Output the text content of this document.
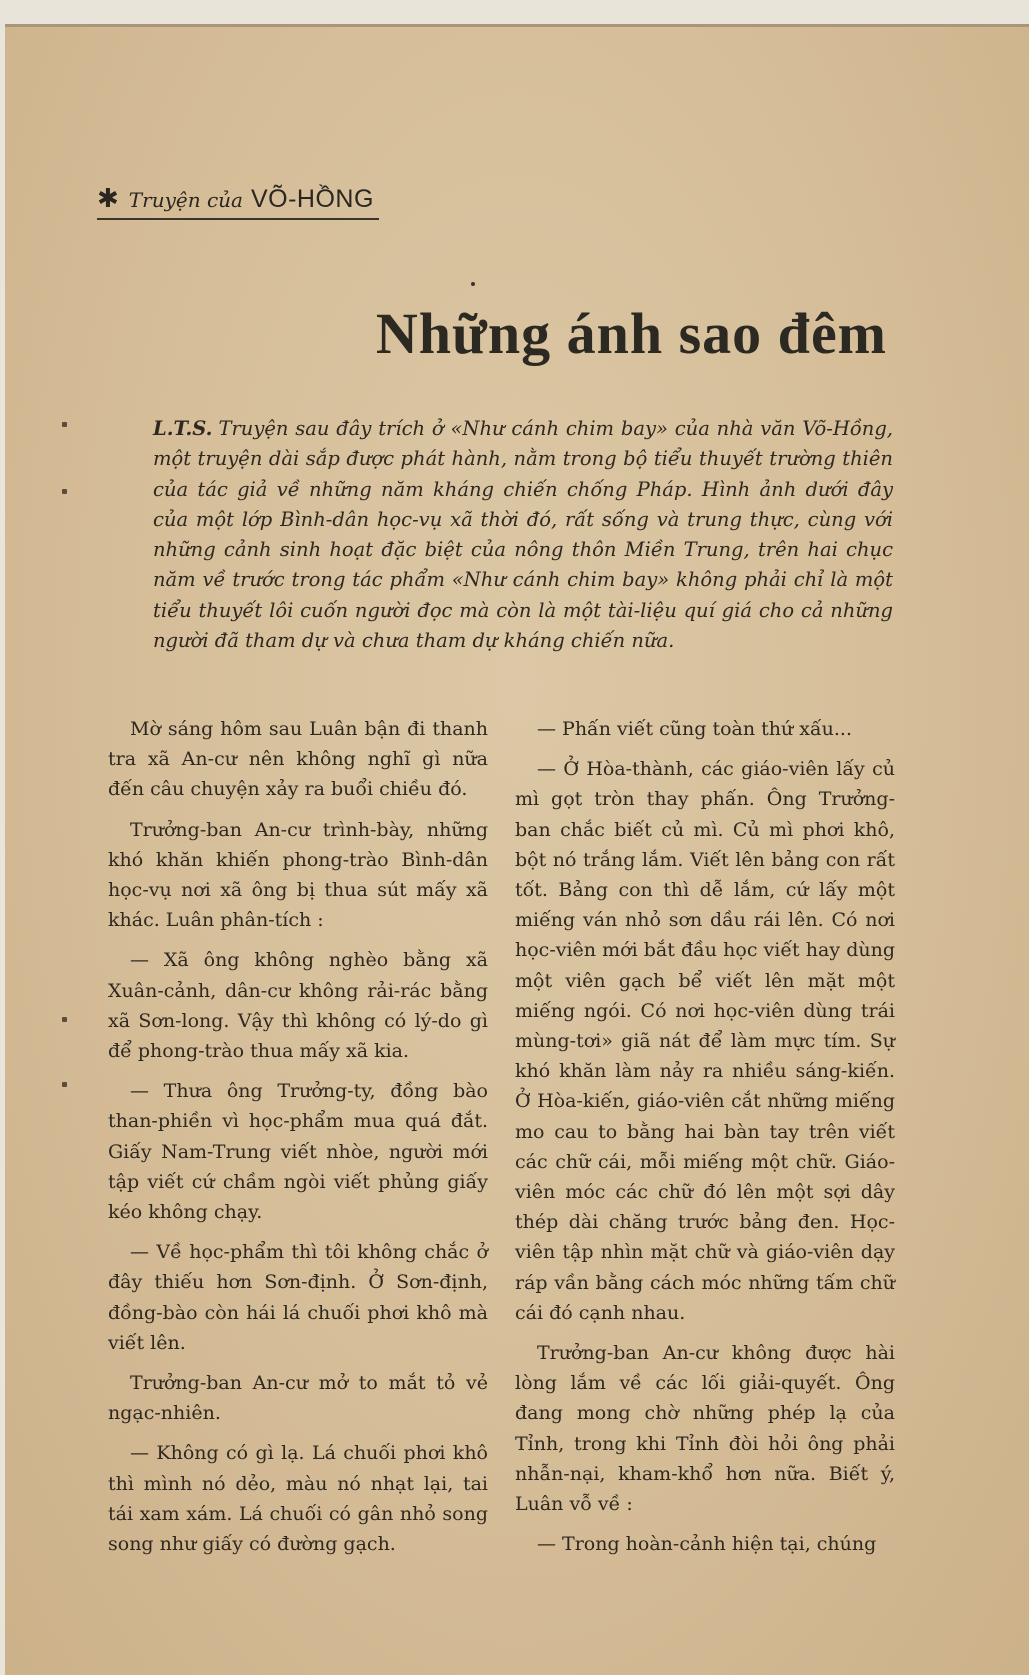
✱ Truyện của VÕ-HỒNG
Những ánh sao đêm
L.T.S. Truyện sau đây trích ở «Như cánh chim bay» của nhà văn Võ-Hồng, một truyện dài sắp được phát hành, nằm trong bộ tiểu thuyết trường thiên của tác giả về những năm kháng chiến chống Pháp. Hình ảnh dưới đây của một lớp Bình-dân học-vụ xã thời đó, rất sống và trung thực, cùng với những cảnh sinh hoạt đặc biệt của nông thôn Miền Trung, trên hai chục năm về trước trong tác phẩm «Như cánh chim bay» không phải chỉ là một tiểu thuyết lôi cuốn người đọc mà còn là một tài-liệu quí giá cho cả những người đã tham dự và chưa tham dự kháng chiến nữa.

Mờ sáng hôm sau Luân bận đi thanh tra xã An-cư nên không nghĩ gì nữa đến câu chuyện xảy ra buổi chiều đó.

Trưởng-ban An-cư trình-bày, những khó khăn khiến phong-trào Bình-dân học-vụ nơi xã ông bị thua sút mấy xã khác. Luân phân-tích :

— Xã ông không nghèo bằng xã Xuân-cảnh, dân-cư không rải-rác bằng xã Sơn-long. Vậy thì không có lý-do gì để phong-trào thua mấy xã kia.

— Thưa ông Trưởng-ty, đồng bào than-phiền vì học-phẩm mua quá đắt. Giấy Nam-Trung viết nhòe, người mới tập viết cứ chầm ngòi viết phủng giấy kéo không chạy.

— Về học-phẩm thì tôi không chắc ở đây thiếu hơn Sơn-định. Ở Sơn-định, đồng-bào còn hái lá chuối phơi khô mà viết lên.

Trưởng-ban An-cư mở to mắt tỏ vẻ ngạc-nhiên.

— Không có gì lạ. Lá chuối phơi khô thì mình nó dẻo, màu nó nhạt lại, tai tái xam xám. Lá chuối có gân nhỏ song song như giấy có đường gạch.

— Phấn viết cũng toàn thứ xấu...

— Ở Hòa-thành, các giáo-viên lấy củ mì gọt tròn thay phấn. Ông Trưởng-ban chắc biết củ mì. Củ mì phơi khô, bột nó trắng lắm. Viết lên bảng con rất tốt. Bảng con thì dễ lắm, cứ lấy một miếng ván nhỏ sơn dầu rái lên. Có nơi học-viên mới bắt đầu học viết hay dùng một viên gạch bể viết lên mặt một miếng ngói. Có nơi học-viên dùng trái mùng-tơi» giã nát để làm mực tím. Sự khó khăn làm nảy ra nhiều sáng-kiến. Ở Hòa-kiến, giáo-viên cắt những miếng mo cau to bằng hai bàn tay trên viết các chữ cái, mỗi miếng một chữ. Giáo-viên móc các chữ đó lên một sợi dây thép dài chăng trước bảng đen. Học-viên tập nhìn mặt chữ và giáo-viên dạy ráp vần bằng cách móc những tấm chữ cái đó cạnh nhau.

Trưởng-ban An-cư không được hài lòng lắm về các lối giải-quyết. Ông đang mong chờ những phép lạ của Tỉnh, trong khi Tỉnh đòi hỏi ông phải nhẫn-nại, kham-khổ hơn nữa. Biết ý, Luân vỗ về :

— Trong hoàn-cảnh hiện tại, chúng
